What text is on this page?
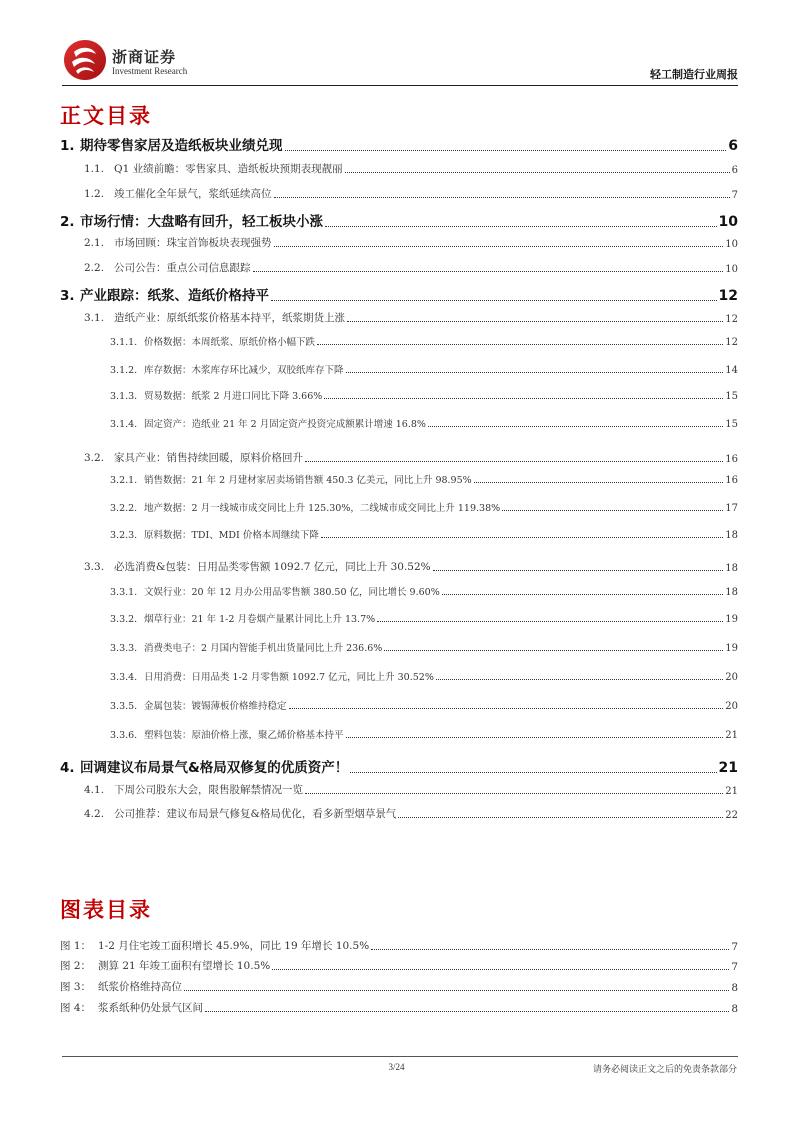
浙商证券
Investment Research	轻工制造行业周报
正文目录
1. 期待零售家居及造纸板块业绩兑现	6
1.1. Q1 业绩前瞻：零售家具、造纸板块预期表现靓丽	6
1.2. 竣工催化全年景气，浆纸延续高位	7
2. 市场行情：大盘略有回升，轻工板块小涨	10
2.1. 市场回顾：珠宝首饰板块表现强势	10
2.2. 公司公告：重点公司信息跟踪	10
3. 产业跟踪：纸浆、造纸价格持平	12
3.1. 造纸产业：原纸纸浆价格基本持平，纸浆期货上涨	12
3.1.1. 价格数据：本周纸浆、原纸价格小幅下跌	12
3.1.2. 库存数据：木浆库存环比减少，双胶纸库存下降	14
3.1.3. 贸易数据：纸浆 2 月进口同比下降 3.66%	15
3.1.4. 固定资产：造纸业 21 年 2 月固定资产投资完成额累计增速 16.8%	15
3.2. 家具产业：销售持续回暖，原料价格回升	16
3.2.1. 销售数据：21 年 2 月建材家居卖场销售额 450.3 亿美元，同比上升 98.95%	16
3.2.2. 地产数据：2 月一线城市成交同比上升 125.30%，二线城市成交同比上升 119.38%	17
3.2.3. 原料数据：TDI、MDI 价格本周继续下降	18
3.3. 必选消费&包装：日用品类零售额 1092.7 亿元，同比上升 30.52%	18
3.3.1. 文娱行业：20 年 12 月办公用品零售额 380.50 亿，同比增长 9.60%	18
3.3.2. 烟草行业：21 年 1-2 月卷烟产量累计同比上升 13.7%	19
3.3.3. 消费类电子：2 月国内智能手机出货量同比上升 236.6%	19
3.3.4. 日用消费：日用品类 1-2 月零售额 1092.7 亿元，同比上升 30.52%	20
3.3.5. 金属包装：镀锡薄板价格维持稳定	20
3.3.6. 塑料包装：原油价格上涨，聚乙烯价格基本持平	21
4. 回调建议布局景气&格局双修复的优质资产！	21
4.1. 下周公司股东大会，限售股解禁情况一览	21
4.2. 公司推荐：建议布局景气修复&格局优化，看多新型烟草景气	22
图表目录
图 1： 1-2 月住宅竣工面积增长 45.9%，同比 19 年增长 10.5%	7
图 2： 测算 21 年竣工面积有望增长 10.5%	7
图 3： 纸浆价格维持高位	8
图 4： 浆系纸种仍处景气区间	8
3/24	请务必阅读正文之后的免责条款部分
